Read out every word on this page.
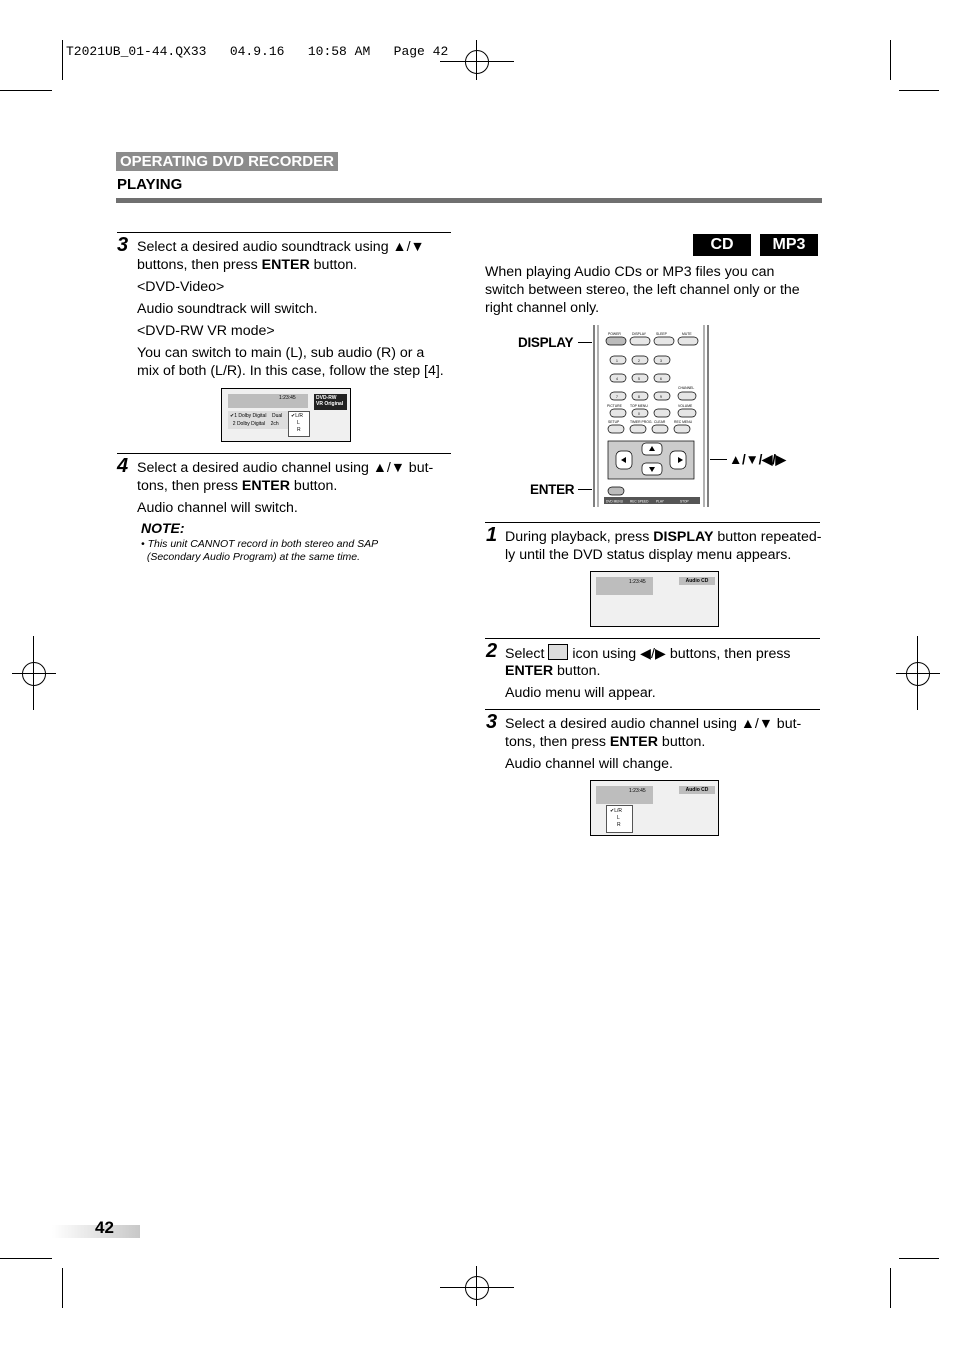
T2021UB_01-44.QX33   04.9.16   10:58 AM   Page 42
OPERATING DVD RECORDER
PLAYING
3 Select a desired audio soundtrack using ▲/▼
buttons, then press ENTER button.
<DVD-Video>
Audio soundtrack will switch.
<DVD-RW VR mode>
You can switch to main (L), sub audio (R) or a
mix of both (L/R). In this case, follow the step [4].
1:23:45	DVD-RW
VR Original
✔1 Dolby Digital    Dual
2 Dolby Digital    2ch
✔L/R
L
R
4 Select a desired audio channel using ▲/▼ but-
tons, then press ENTER button.
Audio channel will switch.
NOTE:
• This unit CANNOT record in both stereo and SAP
(Secondary Audio Program) at the same time.
CD	MP3
When playing Audio CDs or MP3 files you can
switch between stereo, the left channel only or the
right channel only.
DISPLAY
▲/▼/◀/▶
ENTER
POWER	DISPLAY	SLEEP	MUTE
1	2	3
4	5	6
7	8	9
0
PICTURE TOP MENU	VOLUME
SETUP	TIMER PROG. CLEAR	REC MENU
CHANNEL
DVD MENU REC SPEED PLAY	STOP
1 During playback, press DISPLAY button repeated-
ly until the DVD status display menu appears.
1:23:45	Audio CD
2 Select  icon using ◀/▶ buttons, then press
ENTER button.
Audio menu will appear.
3 Select a desired audio channel using ▲/▼ but-
tons, then press ENTER button.
Audio channel will change.
1:23:45	Audio CD
✔L/R
L
R
42
